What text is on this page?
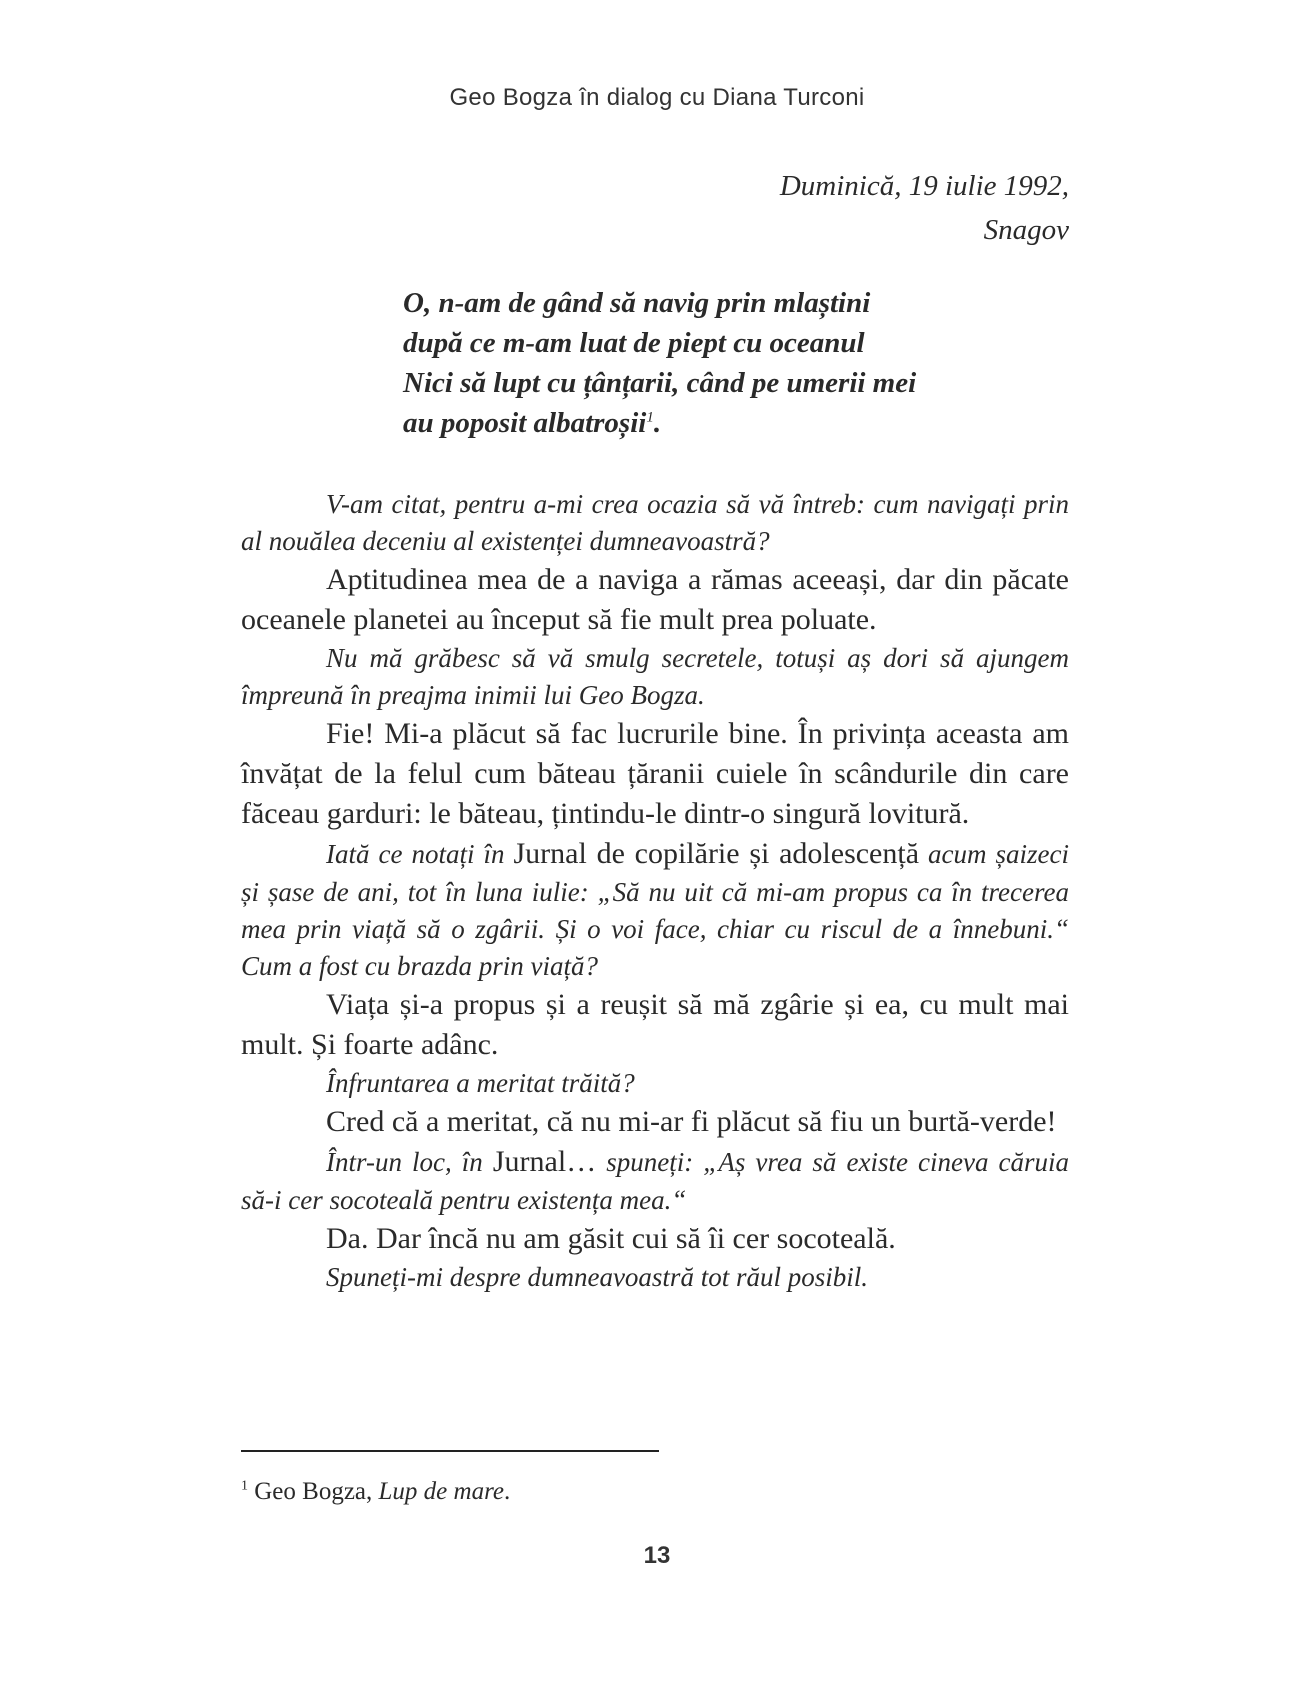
Geo Bogza în dialog cu Diana Turconi
Duminică, 19 iulie 1992,
Snagov
O, n-am de gând să navig prin mlaștini
după ce m-am luat de piept cu oceanul
Nici să lupt cu țânțarii, când pe umerii mei
au poposit albatroșii$^1$.

V-am citat, pentru a-mi crea ocazia să vă întreb: cum navigați prin al nouălea deceniu al existenței dumneavoastră?

Aptitudinea mea de a naviga a rămas aceeași, dar din păcate oceanele planetei au început să fie mult prea poluate.

Nu mă grăbesc să vă smulg secretele, totuși aș dori să ajungem împreună în preajma inimii lui Geo Bogza.

Fie! Mi-a plăcut să fac lucrurile bine. În privința aceasta am învățat de la felul cum băteau țăranii cuiele în scândurile din care făceau garduri: le băteau, țintindu-le dintr-o singură lovitură.

Iată ce notați în Jurnal de copilărie și adolescență acum șaizeci și șase de ani, tot în luna iulie: „Să nu uit că mi-am propus ca în trecerea mea prin viață să o zgârii. Și o voi face, chiar cu riscul de a înnebuni.“ Cum a fost cu brazda prin viață?

Viața și-a propus și a reușit să mă zgârie și ea, cu mult mai mult. Și foarte adânc.

Înfruntarea a meritat trăită?

Cred că a meritat, că nu mi-ar fi plăcut să fiu un burtă-verde!

Într-un loc, în Jurnal… spuneți: „Aș vrea să existe cineva căruia să-i cer socoteală pentru existența mea.“

Da. Dar încă nu am găsit cui să îi cer socoteală.

Spuneți-mi despre dumneavoastră tot răul posibil.

$^1$ Geo Bogza, Lup de mare.
13
